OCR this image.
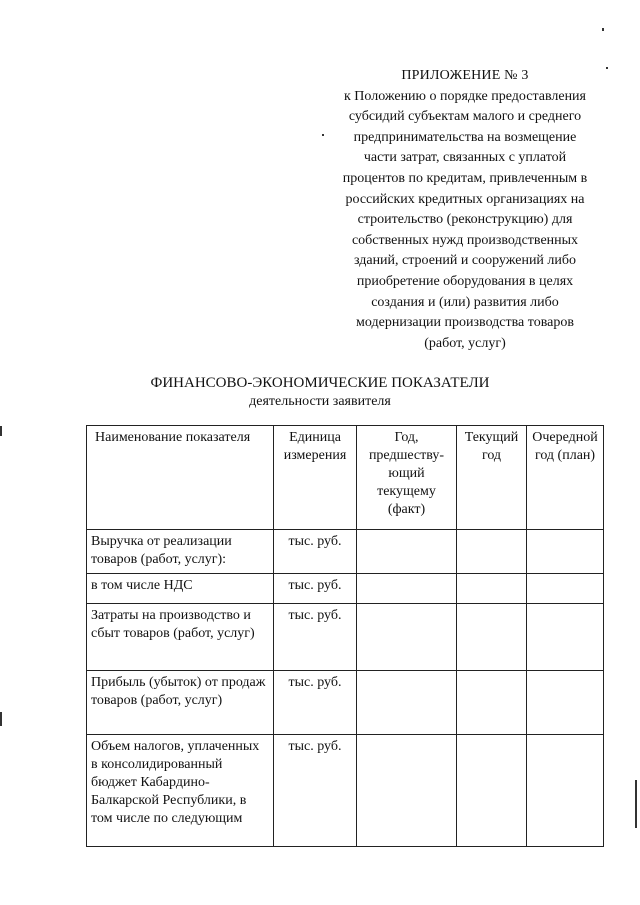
ПРИЛОЖЕНИЕ № 3
к Положению о порядке предоставления
субсидий субъектам малого и среднего
предпринимательства на возмещение
части затрат, связанных с уплатой
процентов по кредитам, привлеченным в
российских кредитных организациях на
строительство (реконструкцию) для
собственных нужд производственных
зданий, строений и сооружений либо
приобретение оборудования в целях
создания и (или) развития либо
модернизации производства товаров
(работ, услуг)
ФИНАНСОВО-ЭКОНОМИЧЕСКИЕ ПОКАЗАТЕЛИ
деятельности заявителя
Наименование показателя	Единица измерения	Год, предшеству-ющий текущему (факт)	Текущий год	Очередной год (план)
Выручка от реализации товаров (работ, услуг):	тыс. руб.			
в том числе НДС	тыс. руб.			
Затраты на производство и сбыт товаров (работ, услуг)	тыс. руб.			
Прибыль (убыток) от продаж товаров (работ, услуг)	тыс. руб.			
Объем налогов, уплаченных в консолидированный бюджет Кабардино-Балкарской Республики, в том числе по следующим	тыс. руб.			
